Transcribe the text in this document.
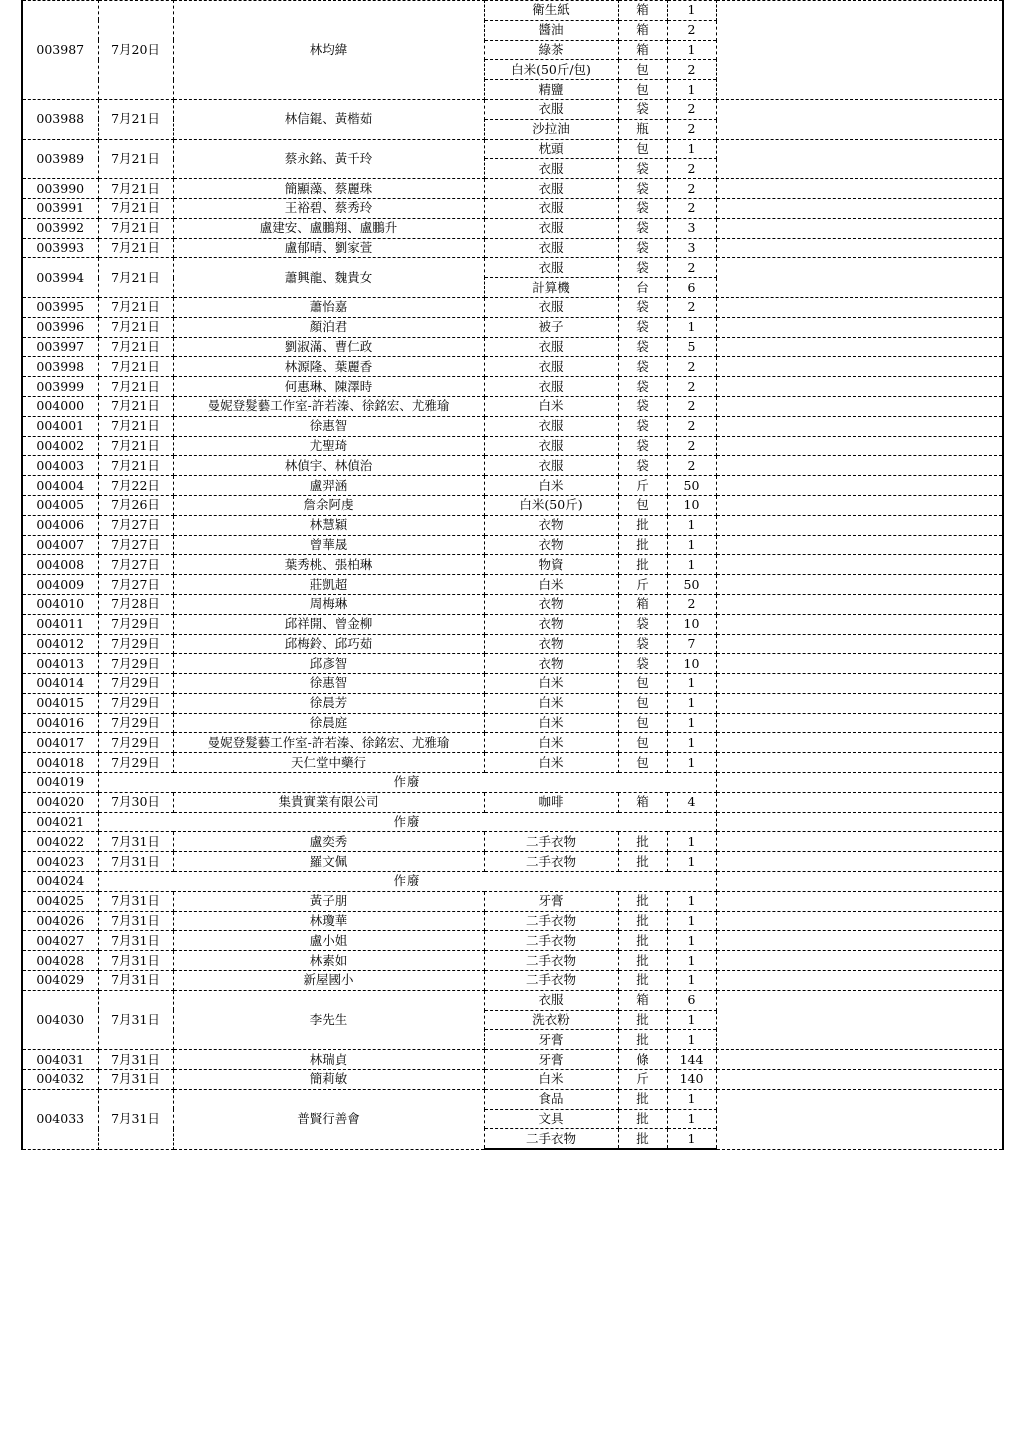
003987	7月20日	林均緯	衛生紙	箱	1	
			醬油	箱	2	
			綠茶	箱	1	
			白米(50斤/包)	包	2	
			精鹽	包	1	
003988	7月21日	林信錕、黃楷茹	衣服	袋	2	
			沙拉油	瓶	2	
003989	7月21日	蔡永銘、黃千玲	枕頭	包	1	
			衣服	袋	2	
003990	7月21日	簡顯藻、蔡麗珠	衣服	袋	2	
003991	7月21日	王裕碧、蔡秀玲	衣服	袋	2	
003992	7月21日	盧建安、盧鵬翔、盧鵬升	衣服	袋	3	
003993	7月21日	盧郁晴、劉家萱	衣服	袋	3	
003994	7月21日	蕭興龍、魏貴女	衣服	袋	2	
			計算機	台	6	
003995	7月21日	蕭怡嘉	衣服	袋	2	
003996	7月21日	顏泊君	被子	袋	1	
003997	7月21日	劉淑滿、曹仁政	衣服	袋	5	
003998	7月21日	林源隆、葉麗香	衣服	袋	2	
003999	7月21日	何惠琳、陳澤時	衣服	袋	2	
004000	7月21日	曼妮登髮藝工作室-許若溱、徐銘宏、尤雅瑜	白米	袋	2	
004001	7月21日	徐惠智	衣服	袋	2	
004002	7月21日	尤聖琦	衣服	袋	2	
004003	7月21日	林偵宇、林偵治	衣服	袋	2	
004004	7月22日	盧羿涵	白米	斤	50	
004005	7月26日	詹余阿虔	白米(50斤)	包	10	
004006	7月27日	林慧穎	衣物	批	1	
004007	7月27日	曾華晟	衣物	批	1	
004008	7月27日	葉秀桃、張柏琳	物資	批	1	
004009	7月27日	莊凱超	白米	斤	50	
004010	7月28日	周梅琳	衣物	箱	2	
004011	7月29日	邱祥開、曾金柳	衣物	袋	10	
004012	7月29日	邱梅鈴、邱巧茹	衣物	袋	7	
004013	7月29日	邱彥智	衣物	袋	10	
004014	7月29日	徐惠智	白米	包	1	
004015	7月29日	徐晨芳	白米	包	1	
004016	7月29日	徐晨庭	白米	包	1	
004017	7月29日	曼妮登髮藝工作室-許若溱、徐銘宏、尤雅瑜	白米	包	1	
004018	7月29日	天仁堂中藥行	白米	包	1	
004019	作廢					
004020	7月30日	集貴實業有限公司	咖啡	箱	4	
004021	作廢					
004022	7月31日	盧奕秀	二手衣物	批	1	
004023	7月31日	羅文佩	二手衣物	批	1	
004024	作廢					
004025	7月31日	黃子朋	牙膏	批	1	
004026	7月31日	林瓊華	二手衣物	批	1	
004027	7月31日	盧小姐	二手衣物	批	1	
004028	7月31日	林素如	二手衣物	批	1	
004029	7月31日	新屋國小	二手衣物	批	1	
004030	7月31日	李先生	衣服	箱	6	
			洗衣粉	批	1	
			牙膏	批	1	
004031	7月31日	林瑞貞	牙膏	條	144	
004032	7月31日	簡莉敏	白米	斤	140	
004033	7月31日	普賢行善會	食品	批	1	
			文具	批	1	
			二手衣物	批	1	
